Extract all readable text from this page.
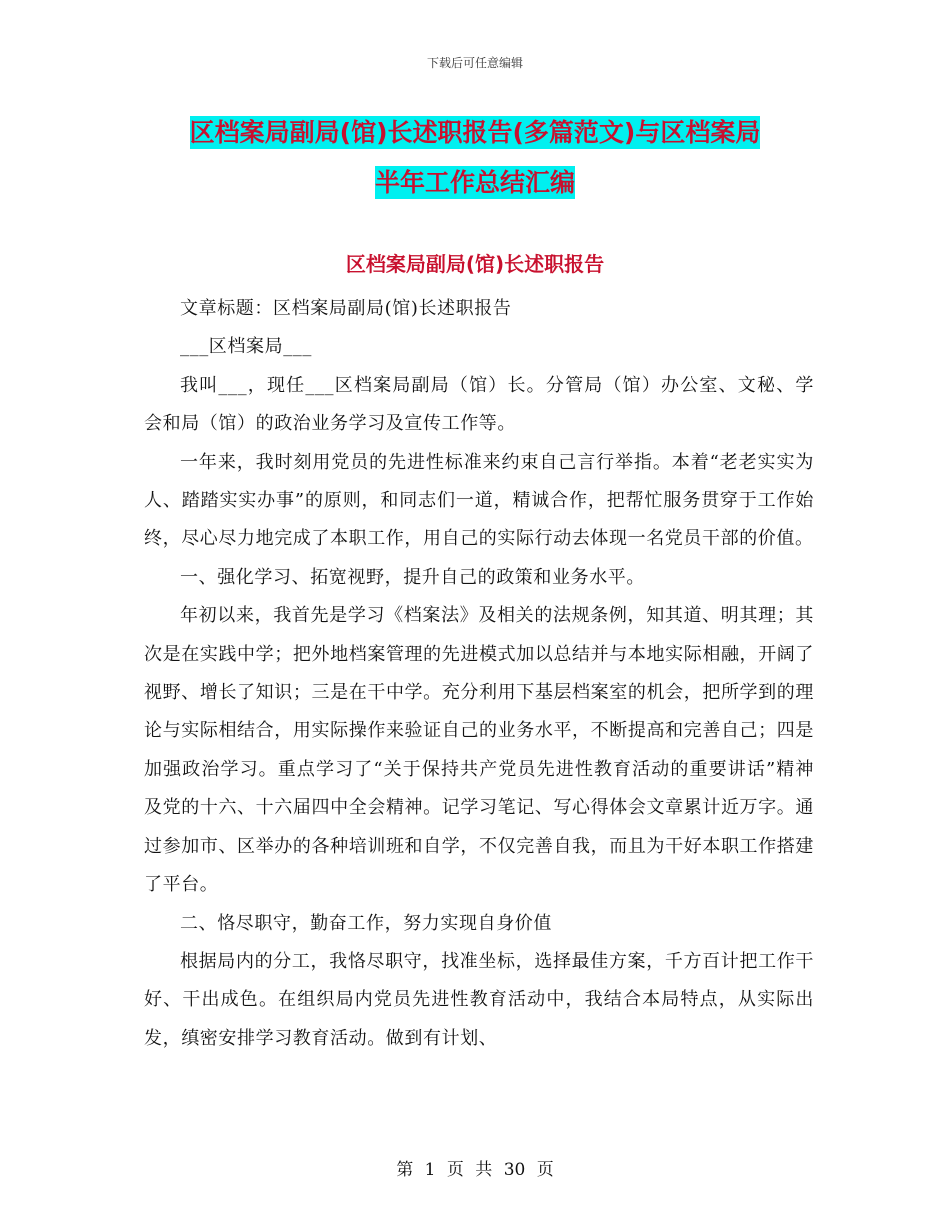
下载后可任意编辑
区档案局副局(馆)长述职报告(多篇范文)与区档案局
半年工作总结汇编
区档案局副局(馆)长述职报告

文章标题：区档案局副局(馆)长述职报告

___区档案局___

我叫___，现任___区档案局副局（馆）长。分管局（馆）办公室、文秘、学会和局（馆）的政治业务学习及宣传工作等。

一年来，我时刻用党员的先进性标准来约束自己言行举指。本着“老老实实为人、踏踏实实办事”的原则，和同志们一道，精诚合作，把帮忙服务贯穿于工作始终，尽心尽力地完成了本职工作，用自己的实际行动去体现一名党员干部的价值。

一、强化学习、拓宽视野，提升自己的政策和业务水平。

年初以来，我首先是学习《档案法》及相关的法规条例，知其道、明其理；其次是在实践中学；把外地档案管理的先进模式加以总结并与本地实际相融，开阔了视野、增长了知识；三是在干中学。充分利用下基层档案室的机会，把所学到的理论与实际相结合，用实际操作来验证自己的业务水平，不断提高和完善自己；四是加强政治学习。重点学习了“关于保持共产党员先进性教育活动的重要讲话”精神及党的十六、十六届四中全会精神。记学习笔记、写心得体会文章累计近万字。通过参加市、区举办的各种培训班和自学，不仅完善自我，而且为干好本职工作搭建了平台。

二、恪尽职守，勤奋工作，努力实现自身价值

根据局内的分工，我恪尽职守，找准坐标，选择最佳方案，千方百计把工作干好、干出成色。在组织局内党员先进性教育活动中，我结合本局特点，从实际出发，缜密安排学习教育活动。做到有计划、

第 1 页 共 30 页
